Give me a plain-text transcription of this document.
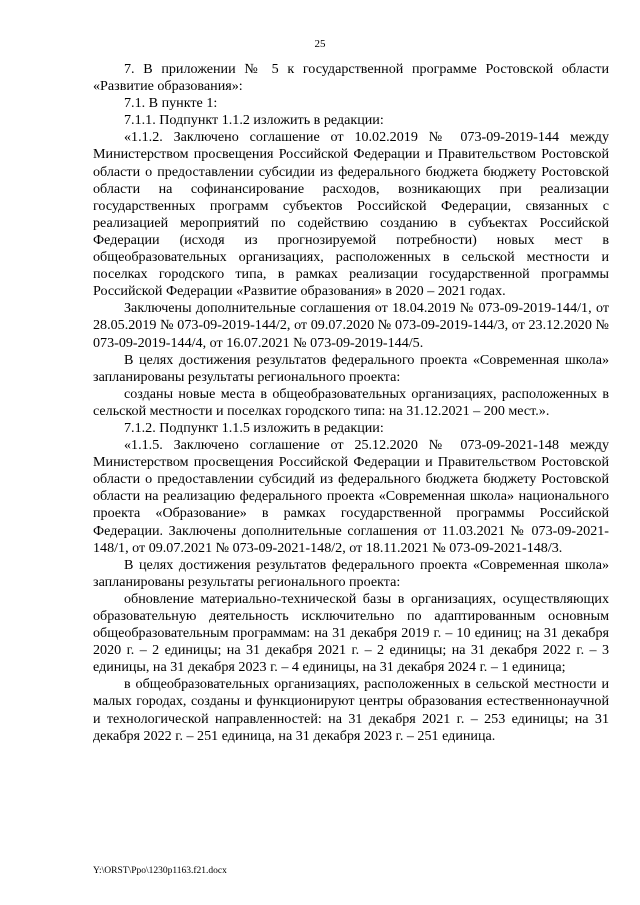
25

7. В приложении № 5 к государственной программе Ростовской области «Развитие образования»:

7.1. В пункте 1:

7.1.1. Подпункт 1.1.2 изложить в редакции:

«1.1.2. Заключено соглашение от 10.02.2019 № 073-09-2019-144 между Министерством просвещения Российской Федерации и Правительством Ростовской области о предоставлении субсидии из федерального бюджета бюджету Ростовской области на софинансирование расходов, возникающих при реализации государственных программ субъектов Российской Федерации, связанных с реализацией мероприятий по содействию созданию в субъектах Российской Федерации (исходя из прогнозируемой потребности) новых мест в общеобразовательных организациях, расположенных в сельской местности и поселках городского типа, в рамках реализации государственной программы Российской Федерации «Развитие образования» в 2020 – 2021 годах.

Заключены дополнительные соглашения от 18.04.2019 № 073-09-2019-144/1, от 28.05.2019 № 073-09-2019-144/2, от 09.07.2020 № 073-09-2019-144/3, от 23.12.2020 № 073-09-2019-144/4, от 16.07.2021 № 073-09-2019-144/5.

В целях достижения результатов федерального проекта «Современная школа» запланированы результаты регионального проекта:

созданы новые места в общеобразовательных организациях, расположенных в сельской местности и поселках городского типа: на 31.12.2021 – 200 мест.».

7.1.2. Подпункт 1.1.5 изложить в редакции:

«1.1.5. Заключено соглашение от 25.12.2020 № 073-09-2021-148 между Министерством просвещения Российской Федерации и Правительством Ростовской области о предоставлении субсидий из федерального бюджета бюджету Ростовской области на реализацию федерального проекта «Современная школа» национального проекта «Образование» в рамках государственной программы Российской Федерации. Заключены дополнительные соглашения от 11.03.2021 № 073-09-2021-148/1, от 09.07.2021 № 073-09-2021-148/2, от 18.11.2021 № 073-09-2021-148/3.

В целях достижения результатов федерального проекта «Современная школа» запланированы результаты регионального проекта:

обновление материально-технической базы в организациях, осуществляющих образовательную деятельность исключительно по адаптированным основным общеобразовательным программам: на 31 декабря 2019 г. – 10 единиц; на 31 декабря 2020 г. – 2 единицы; на 31 декабря 2021 г. – 2 единицы; на 31 декабря 2022 г. – 3 единицы, на 31 декабря 2023 г. – 4 единицы, на 31 декабря 2024 г. – 1 единица;

в общеобразовательных организациях, расположенных в сельской местности и малых городах, созданы и функционируют центры образования естественнонаучной и технологической направленностей: на 31 декабря 2021 г. – 253 единицы; на 31 декабря 2022 г. – 251 единица, на 31 декабря 2023 г. – 251 единица.

Y:\ORST\Ppo\1230p1163.f21.docx
